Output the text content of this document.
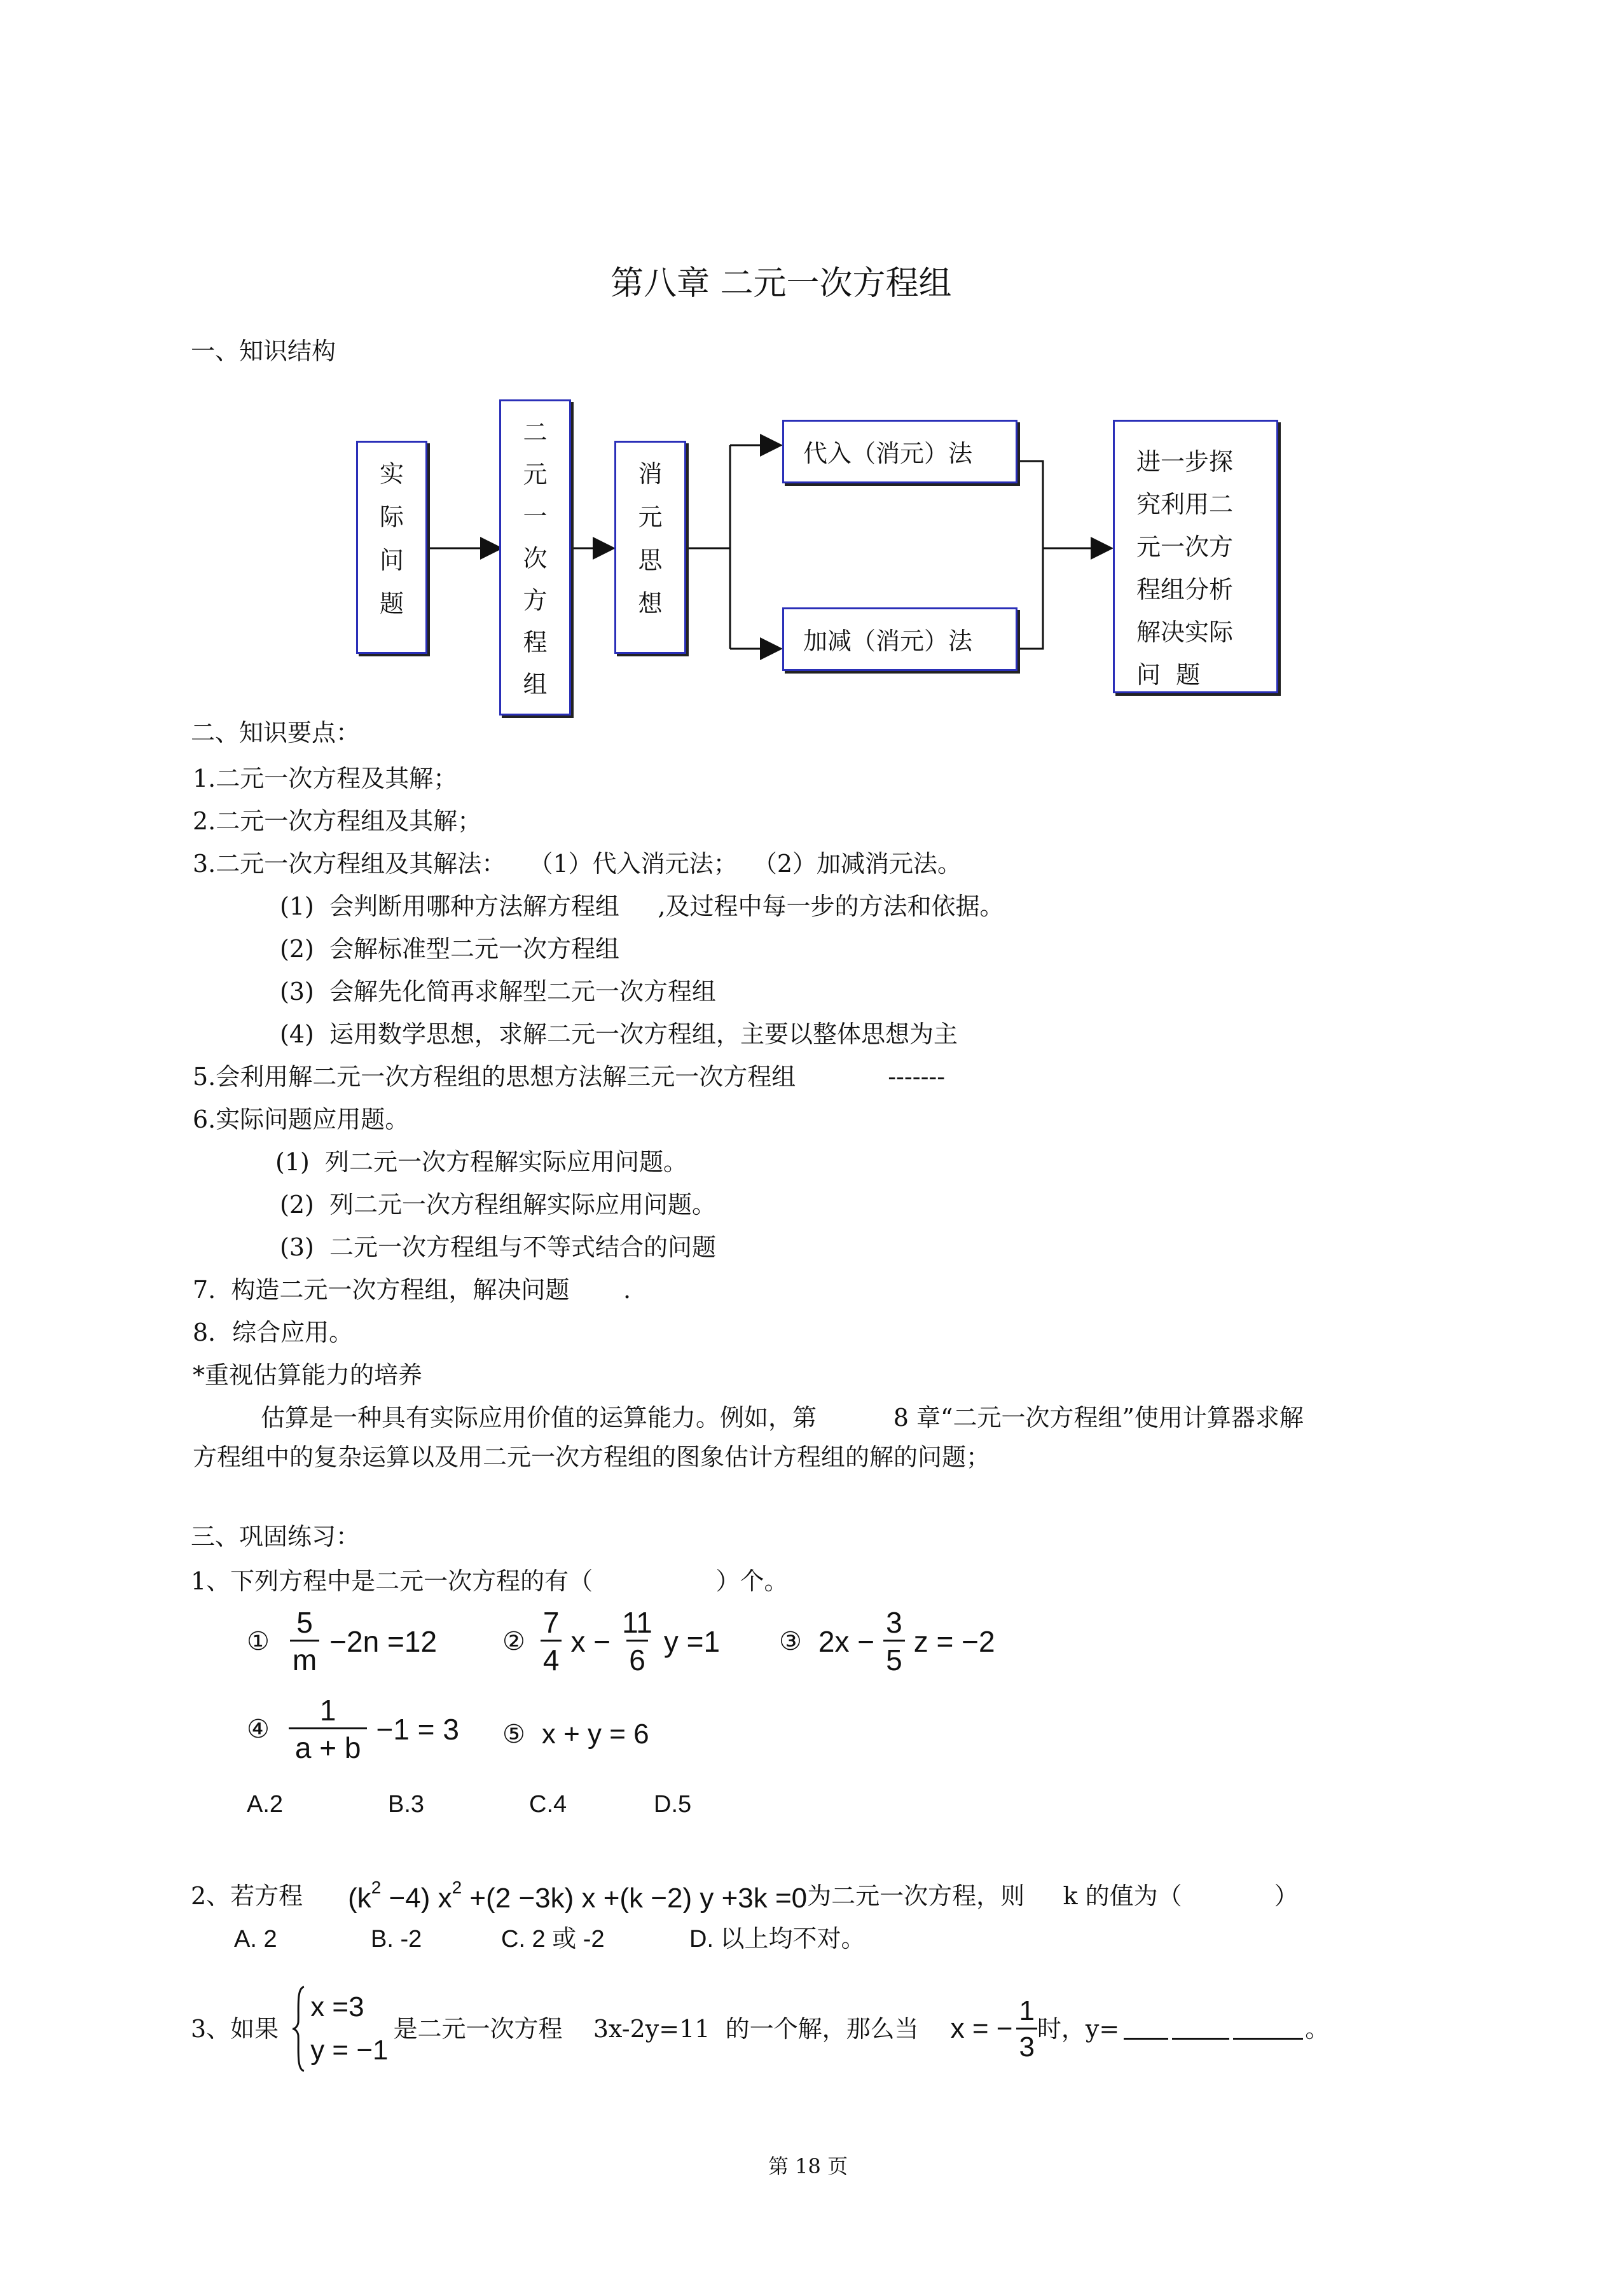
第八章 二元一次方程组
一、知识结构
实
际
问
题
二
元
一
次
方
程
组
消
元
思
想
代入（消元）法
加减（消元）法
进一步探
究利用二
元一次方
程组分析
解决实际
问  题
二、知识要点：
1.二元一次方程及其解；
2.二元一次方程组及其解；
3.二元一次方程组及其解法：   （1）代入消元法；  （2）加减消元法。
(1)  会判断用哪种方法解方程组     ,及过程中每一步的方法和依据。
(2)  会解标准型二元一次方程组
(3)  会解先化简再求解型二元一次方程组
(4)  运用数学思想，求解二元一次方程组，主要以整体思想为主
5.会利用解二元一次方程组的思想方法解三元一次方程组            -------
6.实际问题应用题。
(1)  列二元一次方程解实际应用问题。
(2)  列二元一次方程组解实际应用问题。
(3)  二元一次方程组与不等式结合的问题
7.  构造二元一次方程组，解决问题       .
8．综合应用。
*重视估算能力的培养
估算是一种具有实际应用价值的运算能力。例如，第          8 章“二元一次方程组”使用计算器求解
方程组中的复杂运算以及用二元一次方程组的图象估计方程组的解的问题；
三、巩固练习：
1、下列方程中是二元一次方程的有（                ）个。
① $\frac{5}{m} -2n =12$	② $\frac{7}{4}$ $x - \frac{11}{6}$ y =1 ③ $2x - \frac{3}{5}$ z = −2
④ $\frac{1}{a + b} -1 = 3$ ⑤ x + y = 6
A.2	B.3	C.4	D.5
2、若方程	$(k^2 -4)$ $x^2 +(2 -3k)$ x +(k −2) y +3k =0
为二元一次方程，则     k 的值为（            ）
A. 2	B. -2	C. 2 或 -2	D. 以上均不对。
3、如果
x =3
y = −1
是二元一次方程    3x-2y=11  的一个解，那么当 x = − $\frac{1}{3}$ 时，y=	。
第 18 页
